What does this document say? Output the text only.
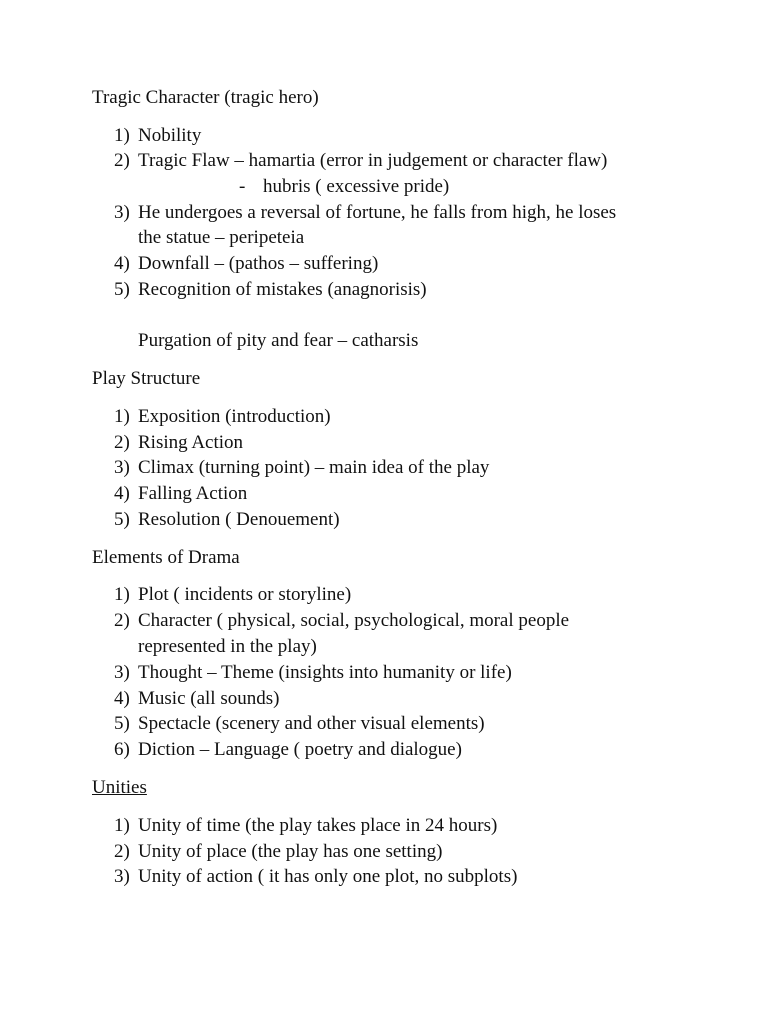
Tragic Character (tragic hero)
1) Nobility
2) Tragic Flaw – hamartia (error in judgement or character flaw)
- hubris ( excessive pride)
3) He undergoes a reversal of fortune, he falls from high, he loses
the statue – peripeteia
4) Downfall – (pathos – suffering)
5) Recognition of mistakes (anagnorisis)
Purgation of pity and fear – catharsis
Play Structure
1) Exposition (introduction)
2) Rising Action
3) Climax (turning point) – main idea of the play
4) Falling Action
5) Resolution ( Denouement)
Elements of Drama
1) Plot ( incidents or storyline)
2) Character ( physical, social, psychological, moral people
represented in the play)
3) Thought – Theme (insights into humanity or life)
4) Music (all sounds)
5) Spectacle (scenery and other visual elements)
6) Diction – Language ( poetry and dialogue)
Unities
1) Unity of time (the play takes place in 24 hours)
2) Unity of place (the play has one setting)
3) Unity of action ( it has only one plot, no subplots)
